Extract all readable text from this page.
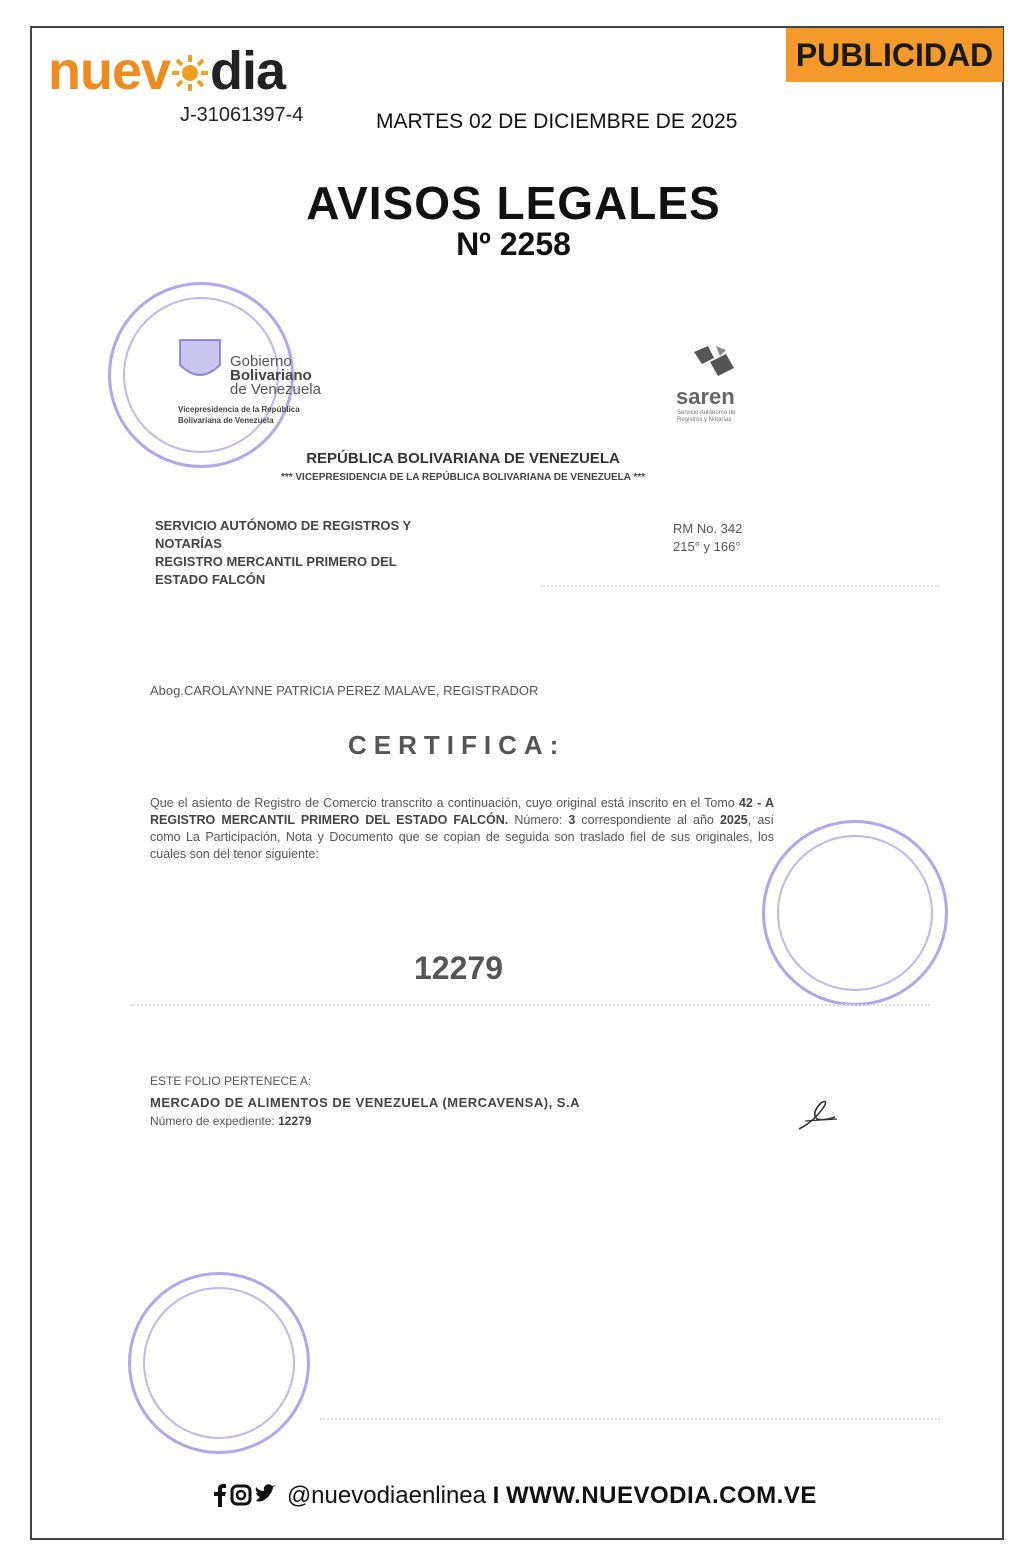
nuev dia
J-31061397-4	MARTES 02 DE DICIEMBRE DE 2025
PUBLICIDAD
AVISOS LEGALES
Nº 2258
Gobierno
Bolivariano
de Venezuela
Vicepresidencia de la República
Bolivariana de Venezuela
saren
Servicio Autónomo de Registros y Notarías
REPÚBLICA BOLIVARIANA DE VENEZUELA
*** VICEPRESIDENCIA DE LA REPÚBLICA BOLIVARIANA DE VENEZUELA ***
SERVICIO AUTÓNOMO DE REGISTROS Y
NOTARÍAS
REGISTRO MERCANTIL PRIMERO DEL
ESTADO FALCÓN
RM No. 342
215° y 166°
Abog.CAROLAYNNE PATRICIA PEREZ MALAVE, REGISTRADOR
CERTIFICA:
Que el asiento de Registro de Comercio transcrito a continuación, cuyo original está inscrito en el Tomo 42 - A REGISTRO MERCANTIL PRIMERO DEL ESTADO FALCÓN. Número: 3 correspondiente al año 2025, así como La Participación, Nota y Documento que se copian de seguida son traslado fiel de sus originales, los cuales son del tenor siguiente:
12279
ESTE FOLIO PERTENECE A:
MERCADO DE ALIMENTOS DE VENEZUELA (MERCAVENSA), S.A
Número de expediente: 12279
@nuevodiaenlinea I WWW.NUEVODIA.COM.VE
